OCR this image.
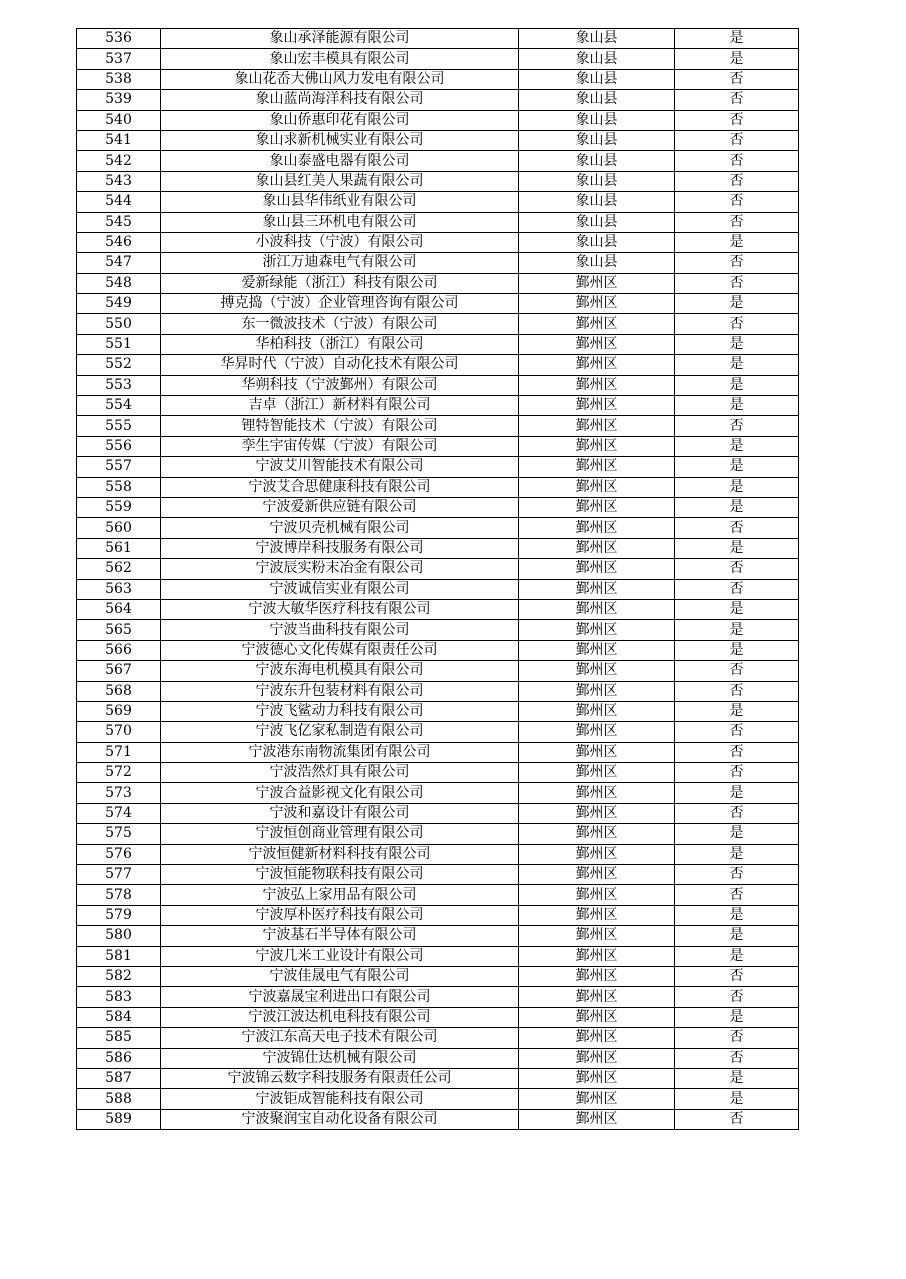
536	象山承泽能源有限公司	象山县	是
537	象山宏丰模具有限公司	象山县	是
538	象山花岙大佛山风力发电有限公司	象山县	否
539	象山蓝尚海洋科技有限公司	象山县	否
540	象山侨惠印花有限公司	象山县	否
541	象山求新机械实业有限公司	象山县	否
542	象山泰盛电器有限公司	象山县	否
543	象山县红美人果蔬有限公司	象山县	否
544	象山县华伟纸业有限公司	象山县	否
545	象山县三环机电有限公司	象山县	否
546	小波科技（宁波）有限公司	象山县	是
547	浙江万迪森电气有限公司	象山县	否
548	爱新绿能（浙江）科技有限公司	鄞州区	否
549	搏克捣（宁波）企业管理咨询有限公司	鄞州区	是
550	东一微波技术（宁波）有限公司	鄞州区	否
551	华柏科技（浙江）有限公司	鄞州区	是
552	华昇时代（宁波）自动化技术有限公司	鄞州区	是
553	华朔科技（宁波鄞州）有限公司	鄞州区	是
554	吉卓（浙江）新材料有限公司	鄞州区	是
555	锂特智能技术（宁波）有限公司	鄞州区	否
556	孪生宇宙传媒（宁波）有限公司	鄞州区	是
557	宁波艾川智能技术有限公司	鄞州区	是
558	宁波艾合思健康科技有限公司	鄞州区	是
559	宁波爱新供应链有限公司	鄞州区	是
560	宁波贝壳机械有限公司	鄞州区	否
561	宁波博岸科技服务有限公司	鄞州区	是
562	宁波辰实粉末冶金有限公司	鄞州区	否
563	宁波诚信实业有限公司	鄞州区	否
564	宁波大敏华医疗科技有限公司	鄞州区	是
565	宁波当曲科技有限公司	鄞州区	是
566	宁波德心文化传媒有限责任公司	鄞州区	是
567	宁波东海电机模具有限公司	鄞州区	否
568	宁波东升包装材料有限公司	鄞州区	否
569	宁波飞鲨动力科技有限公司	鄞州区	是
570	宁波飞亿家私制造有限公司	鄞州区	否
571	宁波港东南物流集团有限公司	鄞州区	否
572	宁波浩然灯具有限公司	鄞州区	否
573	宁波合益影视文化有限公司	鄞州区	是
574	宁波和嘉设计有限公司	鄞州区	否
575	宁波恒创商业管理有限公司	鄞州区	是
576	宁波恒健新材料科技有限公司	鄞州区	是
577	宁波恒能物联科技有限公司	鄞州区	否
578	宁波弘上家用品有限公司	鄞州区	否
579	宁波厚朴医疗科技有限公司	鄞州区	是
580	宁波基石半导体有限公司	鄞州区	是
581	宁波几米工业设计有限公司	鄞州区	是
582	宁波佳晟电气有限公司	鄞州区	否
583	宁波嘉晟宝利进出口有限公司	鄞州区	否
584	宁波江波达机电科技有限公司	鄞州区	是
585	宁波江东高天电子技术有限公司	鄞州区	否
586	宁波锦仕达机械有限公司	鄞州区	否
587	宁波锦云数字科技服务有限责任公司	鄞州区	是
588	宁波钜成智能科技有限公司	鄞州区	是
589	宁波聚润宝自动化设备有限公司	鄞州区	否
